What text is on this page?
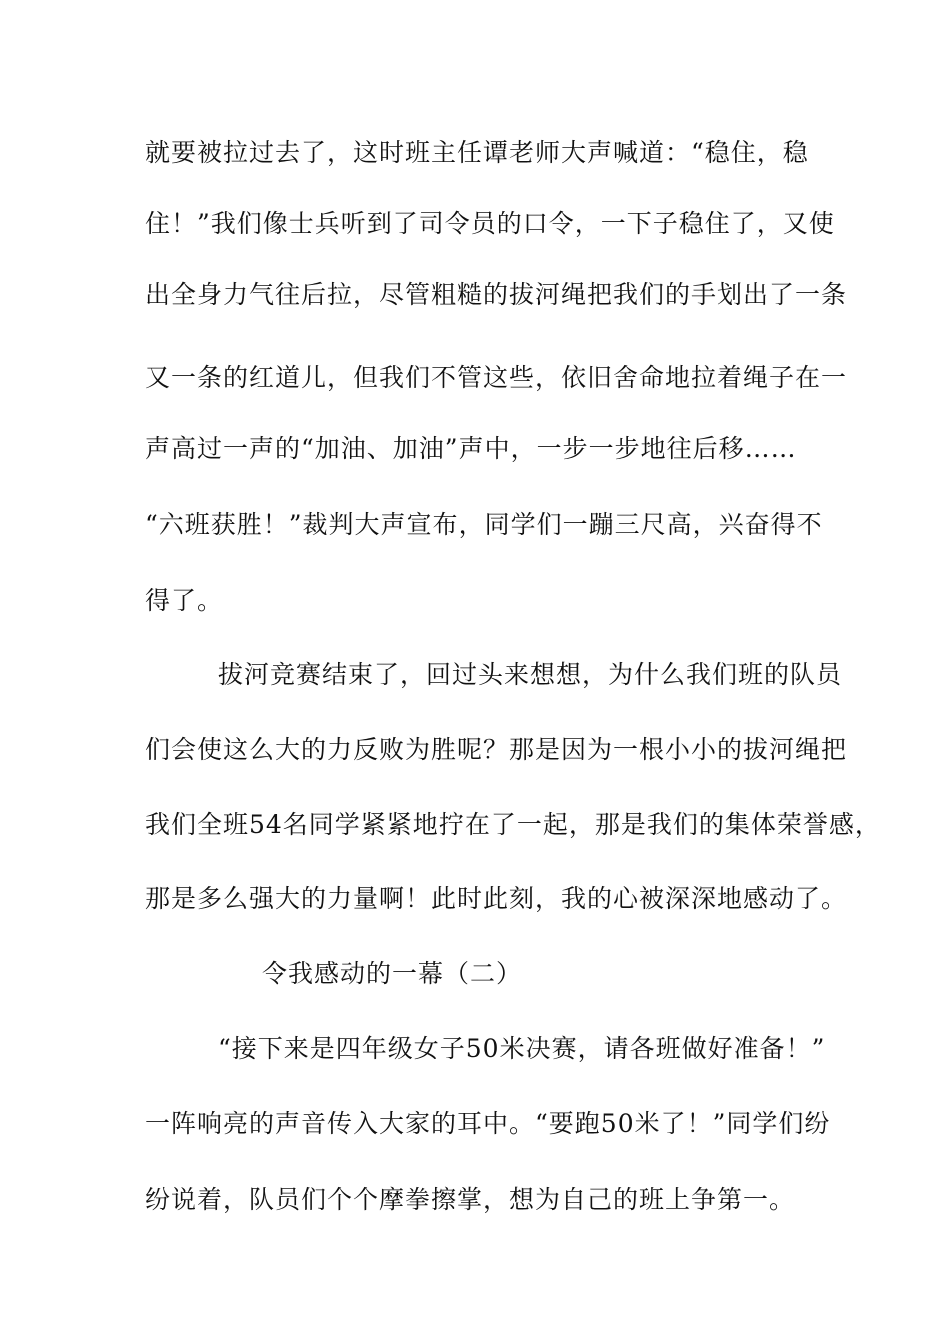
就要被拉过去了，这时班主任谭老师大声喊道：“稳住，稳
住！”我们像士兵听到了司令员的口令，一下子稳住了，又使
出全身力气往后拉，尽管粗糙的拔河绳把我们的手划出了一条
又一条的红道儿，但我们不管这些，依旧舍命地拉着绳子在一
声高过一声的“加油、加油”声中，一步一步地往后移……
“六班获胜！”裁判大声宣布，同学们一蹦三尺高，兴奋得不
得了。
拔河竞赛结束了，回过头来想想，为什么我们班的队员
们会使这么大的力反败为胜呢？那是因为一根小小的拔河绳把
我们全班54名同学紧紧地拧在了一起，那是我们的集体荣誉感，
那是多么强大的力量啊！此时此刻，我的心被深深地感动了。
令我感动的一幕（二）
“接下来是四年级女子50米决赛，请各班做好准备！”
一阵响亮的声音传入大家的耳中。“要跑50米了！”同学们纷
纷说着，队员们个个摩拳擦掌，想为自己的班上争第一。
